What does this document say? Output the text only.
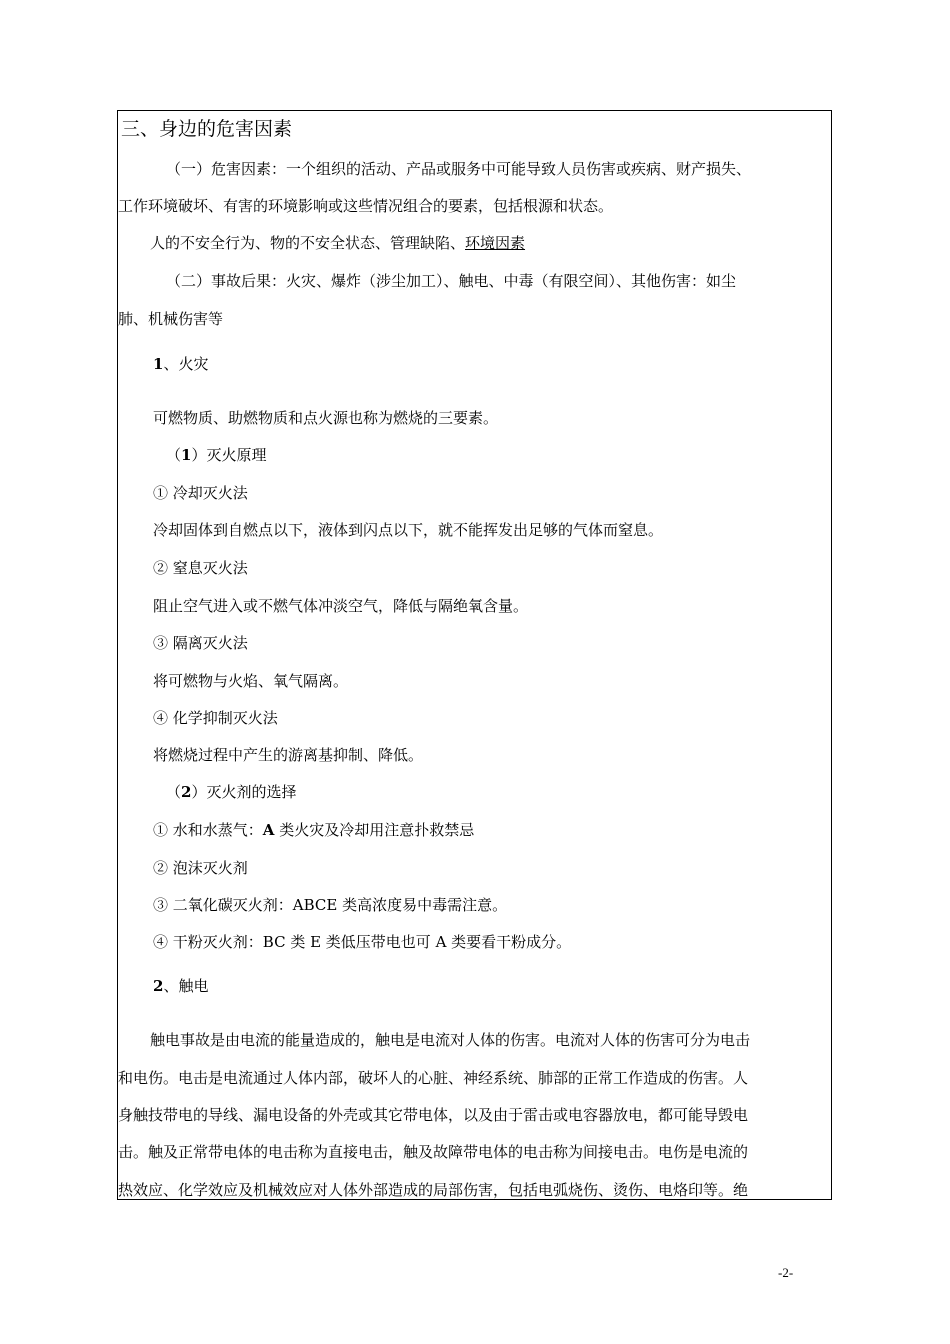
三、身边的危害因素
（一）危害因素：一个组织的活动、产品或服务中可能导致人员伤害或疾病、财产损失、
工作环境破坏、有害的环境影响或这些情况组合的要素，包括根源和状态。
人的不安全行为、物的不安全状态、管理缺陷、环境因素
（二）事故后果：火灾、爆炸（涉尘加工）、触电、中毒（有限空间）、其他伤害：如尘
肺、机械伤害等
1、火灾
可燃物质、助燃物质和点火源也称为燃烧的三要素。
（1）灭火原理
① 冷却灭火法
冷却固体到自燃点以下，液体到闪点以下，就不能挥发出足够的气体而窒息。
② 窒息灭火法
阻止空气进入或不燃气体冲淡空气，降低与隔绝氧含量。
③ 隔离灭火法
将可燃物与火焰、氧气隔离。
④ 化学抑制灭火法
将燃烧过程中产生的游离基抑制、降低。
（2）灭火剂的选择
① 水和水蒸气：A 类火灾及冷却用注意扑救禁忌
② 泡沫灭火剂
③ 二氧化碳灭火剂：ABCE 类高浓度易中毒需注意。
④ 干粉灭火剂：BC 类 E 类低压带电也可 A 类要看干粉成分。
2、触电
触电事故是由电流的能量造成的，触电是电流对人体的伤害。电流对人体的伤害可分为电击
和电伤。电击是电流通过人体内部，破坏人的心脏、神经系统、肺部的正常工作造成的伤害。人
身触技带电的导线、漏电设备的外壳或其它带电体，以及由于雷击或电容器放电，都可能导毁电
击。触及正常带电体的电击称为直接电击，触及故障带电体的电击称为间接电击。电伤是电流的
热效应、化学效应及机械效应对人体外部造成的局部伤害，包括电弧烧伤、烫伤、电烙印等。绝
-2-
